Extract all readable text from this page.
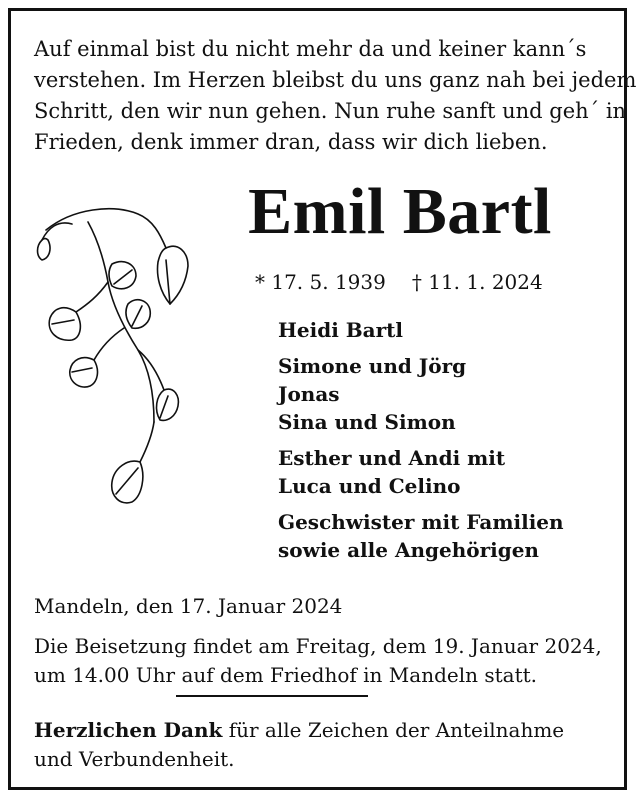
Auf einmal bist du nicht mehr da und keiner kann´s
verstehen. Im Herzen bleibst du uns ganz nah bei jedem
Schritt, den wir nun gehen. Nun ruhe sanft und geh´ in
Frieden, denk immer dran, dass wir dich lieben.
Emil Bartl
* 17. 5. 1939 † 11. 1. 2024
Heidi Bartl
Simone und Jörg
Jonas
Sina und Simon
Esther und Andi mit
Luca und Celino
Geschwister mit Familien
sowie alle Angehörigen
Mandeln, den 17. Januar 2024
Die Beisetzung findet am Freitag, dem 19. Januar 2024,
um 14.00 Uhr auf dem Friedhof in Mandeln statt.
Herzlichen Dank für alle Zeichen der Anteilnahme und Verbundenheit.
